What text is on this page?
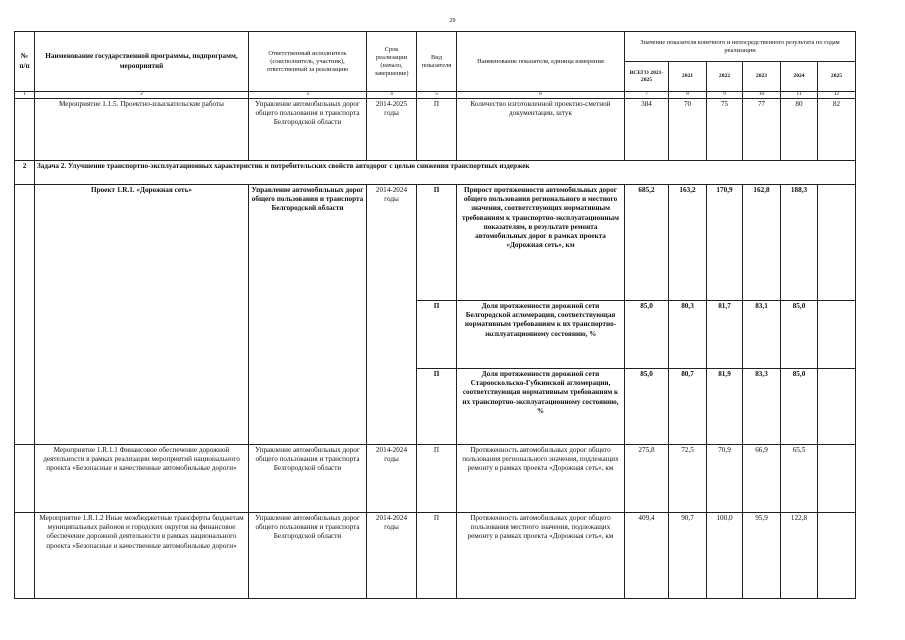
29
№ п/п	Наименование государственной программы, подпрограмм, мероприятий	Ответственный исполнитель (соисполнитель, участник), ответственный за реализацию	Срок реализации (начало, завершение)	Вид показателя	Наименование показателя, единица измерения	Значение показателя конечного и непосредственного результата по годам реализации					
						ВСЕГО 2021-2025	2021	2022	2023	2024	2025
1	2	3	4	5	6	7	8	9	10	11	12
	Мероприятие 1.1.5. Проектно-изыскательские работы	Управление автомобильных дорог общего пользования и транспорта Белгородской области	2014-2025 годы	П	Количество изготовленной проектно-сметной документации, штук	384	70	75	77	80	82
2	Задача 2. Улучшение транспортно-эксплуатационных характеристик и потребительских свойств автодорог с целью снижения транспортных издержек										
	Проект 1.R.1. «Дорожная сеть»	Управление автомобильных дорог общего пользования и транспорта Белгородской области	2014-2024 годы	П	Прирост протяженности автомобильных дорог общего пользования регионального и местного значения, соответствующих нормативным требованиям к транспортно-эксплуатационным показателям, в результате ремонта автомобильных дорог в рамках проекта «Дорожная сеть», км	685,2	163,2	170,9	162,8	188,3	
				П	Доля протяженности дорожной сети Белгородской агломерации, соответствующая нормативным требованиям к их транспортно-эксплуатационному состоянию, %	85,0	80,3	81,7	83,1	85,0	
				П	Доля протяженности дорожной сети Старооскольско-Губкинской агломерации, соответствующая нормативным требованиям к их транспортно-эксплуатационному состоянию, %	85,0	80,7	81,9	83,3	85,0	
	Мероприятие 1.R.1.1 Финансовое обеспечение дорожной деятельности в рамках реализации мероприятий национального проекта «Безопасные и качественные автомобильные дороги»	Управление автомобильных дорог общего пользования и транспорта Белгородской области	2014-2024 годы	П	Протяженность автомобильных дорог общего пользования регионального значения, подлежащих ремонту в рамках проекта «Дорожная сеть», км	275,8	72,5	70,9	66,9	65,5	
	Мероприятие 1.R.1.2 Иные межбюджетные трансферты бюджетам муниципальных районов и городских округов на финансовое обеспечение дорожной деятельности в рамках национального проекта «Безопасные и качественные автомобильные дороги»	Управление автомобильных дорог общего пользования и транспорта Белгородской области	2014-2024 годы	П	Протяженность автомобильных дорог общего пользования местного значения, подлежащих ремонту в рамках проекта «Дорожная сеть», км	409,4	90,7	100,0	95,9	122,8	
